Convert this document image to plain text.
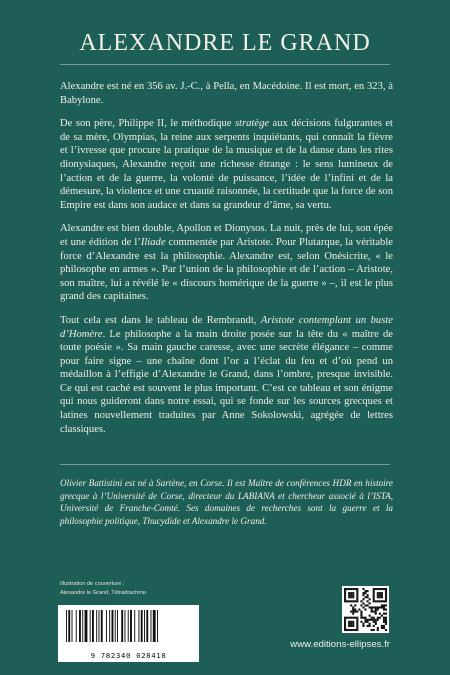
ALEXANDRE LE GRAND

Alexandre est né en 356 av. J.-C., à Pella, en Macédoine. Il est mort, en 323, à Babylone.

De son père, Philippe II, le méthodique stratège aux décisions fulgurantes et de sa mère, Olympias, la reine aux serpents inquiétants, qui connaît la fièvre et l’ivresse que procure la pratique de la musique et de la danse dans les rites dionysiaques, Alexandre reçoit une richesse étrange : le sens lumineux de l’action et de la guerre, la volonté de puissance, l’idée de l’infini et de la démesure, la violence et une cruauté raisonnée, la certitude que la force de son Empire est dans son audace et dans sa grandeur d’âme, sa vertu.

Alexandre est bien double, Apollon et Dionysos. La nuit, près de lui, son épée et une édition de l’Iliade commentée par Aristote. Pour Plutarque, la véritable force d’Alexandre est la philosophie. Alexandre est, selon Onésicrite, « le philosophe en armes ». Par l’union de la philosophie et de l’action – Aristote, son maître, lui a révélé le « discours homérique de la guerre » –, il est le plus grand des capitaines.

Tout cela est dans le tableau de Rembrandt, Aristote contemplant un buste d’Homère. Le philosophe a la main droite posée sur la tête du « maître de toute poésie ». Sa main gauche caresse, avec une secrète élégance – comme pour faire signe – une chaîne dont l’or a l’éclat du feu et d’où pend un médaillon à l’effigie d’Alexandre le Grand, dans l’ombre, presque invisible. Ce qui est caché est souvent le plus important. C’est ce tableau et son énigme qui nous guideront dans notre essai, qui se fonde sur les sources grecques et latines nouvellement traduites par Anne Sokolowski, agrégée de lettres classiques.

Olivier Battistini est né à Sartène, en Corse. Il est Maître de conférences HDR en histoire grecque à l’Université de Corse, directeur du LABIANA et chercheur associé à l’ISTA, Université de Franche-Comté. Ses domaines de recherches sont la guerre et la philosophie politique, Thucydide et Alexandre le Grand.
Illustration de couverture :
Alexandre le Grand, Tétradrachme.
9 782340 028418
www.editions-ellipses.fr
